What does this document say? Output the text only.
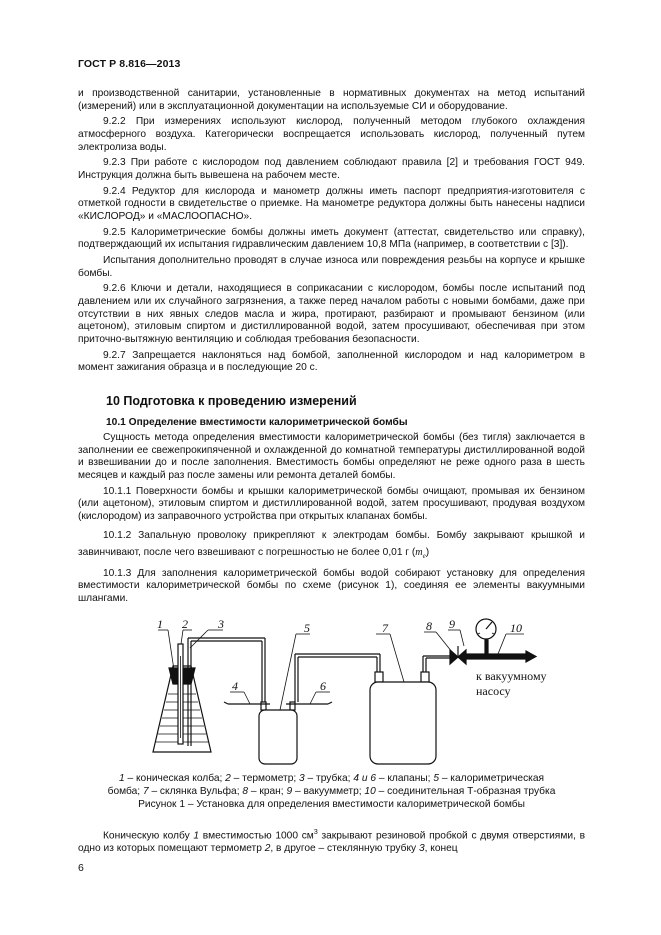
ГОСТ Р 8.816—2013

и производственной санитарии, установленные в нормативных документах на метод испытаний (измерений) или в эксплуатационной документации на используемые СИ и оборудование.

9.2.2 При измерениях используют кислород, полученный методом глубокого охлаждения атмосферного воздуха. Категорически воспрещается использовать кислород, полученный путем электролиза воды.

9.2.3 При работе с кислородом под давлением соблюдают правила [2] и требования ГОСТ 949. Инструкция должна быть вывешена на рабочем месте.

9.2.4 Редуктор для кислорода и манометр должны иметь паспорт предприятия-изготовителя с отметкой годности в свидетельстве о приемке. На манометре редуктора должны быть нанесены надписи «КИСЛОРОД» и «МАСЛООПАСНО».

9.2.5 Калориметрические бомбы должны иметь документ (аттестат, свидетельство или справку), подтверждающий их испытания гидравлическим давлением 10,8 МПа (например, в соответствии с [3]).

Испытания дополнительно проводят в случае износа или повреждения резьбы на корпусе и крышке бомбы.

9.2.6 Ключи и детали, находящиеся в соприкасании с кислородом, бомбы после испытаний под давлением или их случайного загрязнения, а также перед началом работы с новыми бомбами, даже при отсутствии в них явных следов масла и жира, протирают, разбирают и промывают бензином (или ацетоном), этиловым спиртом и дистиллированной водой, затем просушивают, обеспечивая при этом приточно-вытяжную вентиляцию и соблюдая требования безопасности.

9.2.7 Запрещается наклоняться над бомбой, заполненной кислородом и над калориметром в момент зажигания образца и в последующие 20 с.

10 Подготовка к проведению измерений

10.1 Определение вместимости калориметрической бомбы

Сущность метода определения вместимости калориметрической бомбы (без тигля) заключается в заполнении ее свежепрокипяченной и охлажденной до комнатной температуры дистиллированной водой и взвешивании до и после заполнения. Вместимость бомбы определяют не реже одного раза в шесть месяцев и каждый раз после замены или ремонта деталей бомбы.

10.1.1 Поверхности бомбы и крышки калориметрической бомбы очищают, промывая их бензином (или ацетоном), этиловым спиртом и дистиллированной водой, затем просушивают, продувая воздухом (кислородом) из заправочного устройства при открытых клапанах бомбы.

10.1.2 Запальную проволоку прикрепляют к электродам бомбы. Бомбу закрывают крышкой и завинчивают, после чего взвешивают с погрешностью не более 0,01 г $(m_e)$

10.1.3 Для заполнения калориметрической бомбы водой собирают установку для определения вместимости калориметрической бомбы по схеме (рисунок 1), соединяя ее элементы вакуумными шлангами.

1 2	3
4
5
6
7	8 9	10
к вакуумному
насосу
1 – коническая колба; 2 – термометр; 3 – трубка; 4 и 6 – клапаны; 5 – калориметрическая
бомба; 7 – склянка Вульфа; 8 – кран; 9 – вакуумметр; 10 – соединительная Т-образная трубка
Рисунок 1 – Установка для определения вместимости калориметрической бомбы

Коническую колбу 1 вместимостью 1000 $см^3$ закрывают резиновой пробкой с двумя отверстиями, в одно из которых помещают термометр 2, в другое – стеклянную трубку 3, конец

6
